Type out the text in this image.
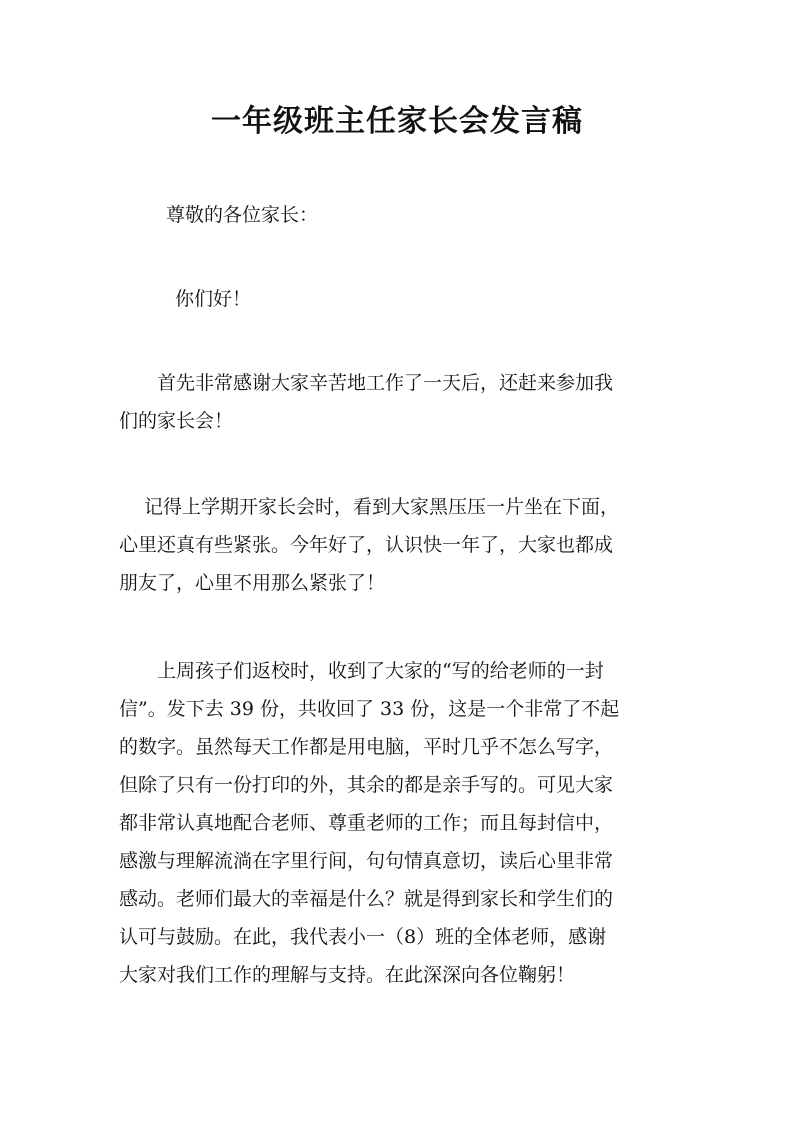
一年级班主任家长会发言稿

尊敬的各位家长：

你们好！

　　首先非常感谢大家辛苦地工作了一天后，还赶来参加我
们的家长会！

　 记得上学期开家长会时，看到大家黑压压一片坐在下面，
心里还真有些紧张。今年好了，认识快一年了，大家也都成
朋友了，心里不用那么紧张了！

　　上周孩子们返校时，收到了大家的“写的给老师的一封
信”。发下去 39 份，共收回了 33 份，这是一个非常了不起
的数字。虽然每天工作都是用电脑，平时几乎不怎么写字，
但除了只有一份打印的外，其余的都是亲手写的。可见大家
都非常认真地配合老师、尊重老师的工作；而且每封信中，
感激与理解流淌在字里行间，句句情真意切，读后心里非常
感动。老师们最大的幸福是什么？就是得到家长和学生们的
认可与鼓励。在此，我代表小一（8）班的全体老师，感谢
大家对我们工作的理解与支持。在此深深向各位鞠躬！
